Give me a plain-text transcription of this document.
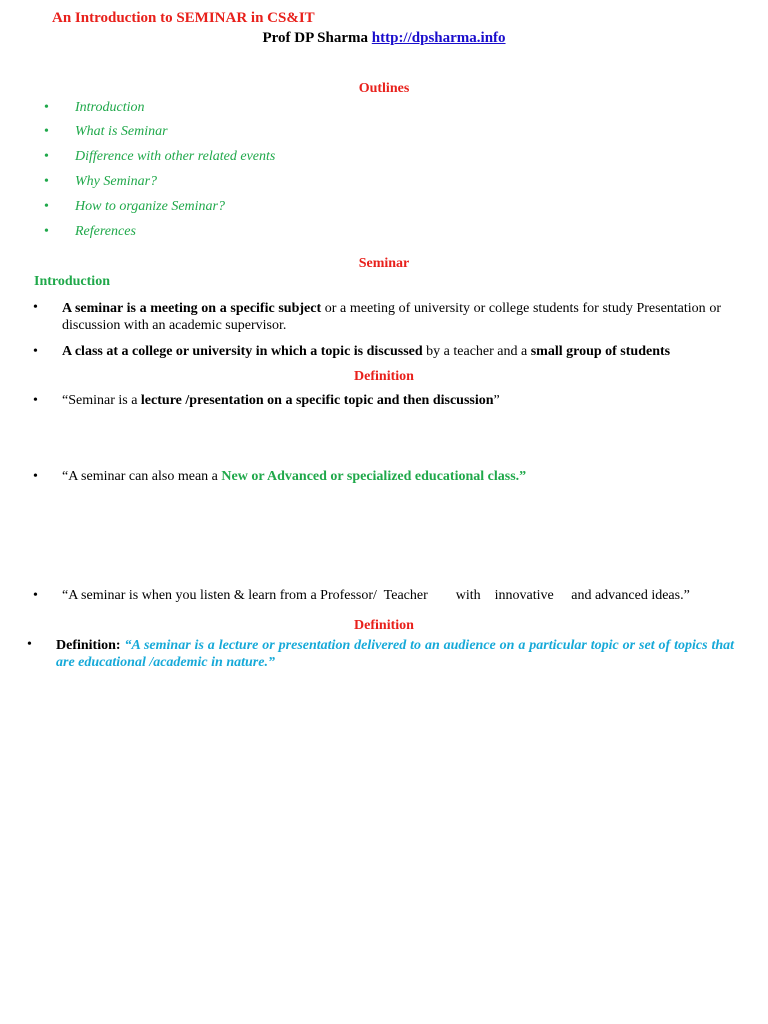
An Introduction to SEMINAR in CS&IT
Prof DP Sharma http://dpsharma.info
Outlines
• Introduction
• What is Seminar
• Difference with other related events
• Why Seminar?
• How to organize Seminar?
• References
Seminar
Introduction
• A seminar is a meeting on a specific subject or a meeting of university or college students for study Presentation or discussion with an academic supervisor.
• A class at a college or university in which a topic is discussed by a teacher and a small group of students
Definition
• “Seminar is a lecture /presentation on a specific topic and then discussion”
• “A seminar can also mean a New or Advanced or specialized educational class.”
• “A seminar is when you listen & learn from a Professor/  Teacher        with    innovative     and advanced ideas.”
Definition
• Definition: “A seminar is a lecture or presentation delivered to an audience on a particular topic or set of topics that are educational /academic in nature.”
